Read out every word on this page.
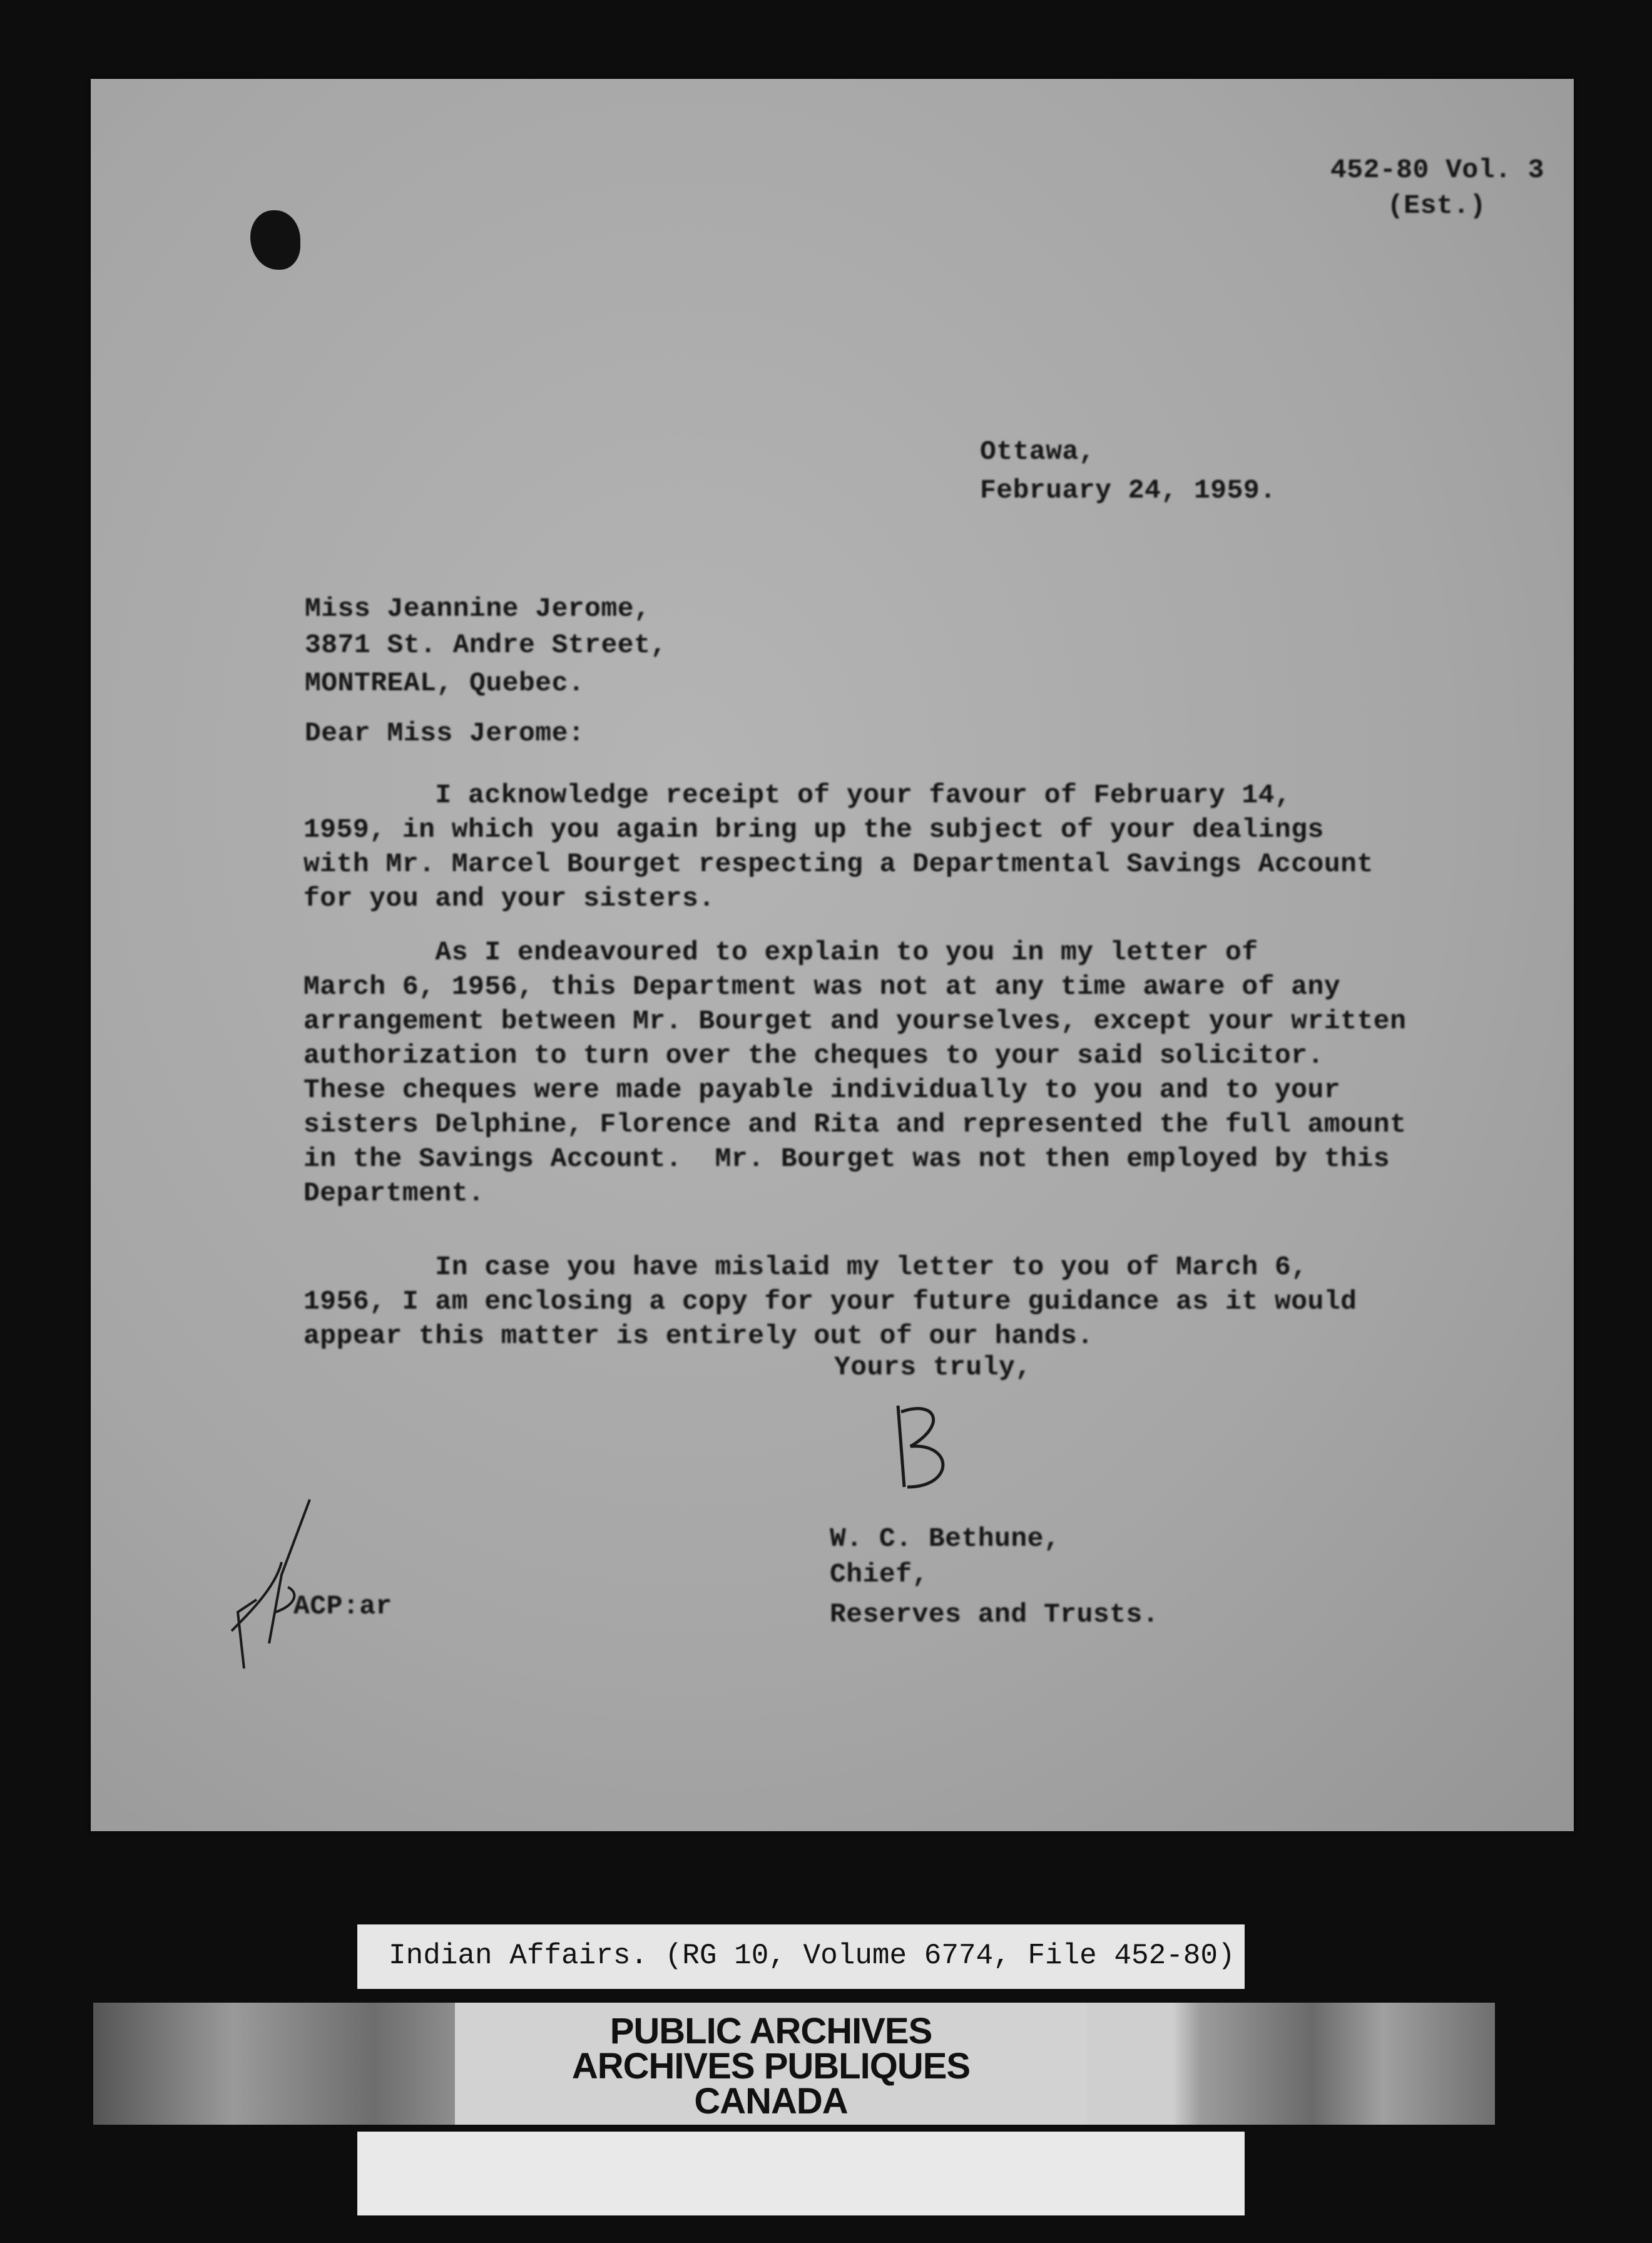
452-80 Vol. 3
(Est.)
Ottawa,
February 24, 1959.
Miss Jeannine Jerome,
3871 St. Andre Street,
MONTREAL, Quebec.
Dear Miss Jerome:
I acknowledge receipt of your favour of February 14,
1959, in which you again bring up the subject of your dealings
with Mr. Marcel Bourget respecting a Departmental Savings Account
for you and your sisters.
As I endeavoured to explain to you in my letter of
March 6, 1956, this Department was not at any time aware of any
arrangement between Mr. Bourget and yourselves, except your written
authorization to turn over the cheques to your said solicitor.
These cheques were made payable individually to you and to your
sisters Delphine, Florence and Rita and represented the full amount
in the Savings Account.  Mr. Bourget was not then employed by this
Department.
In case you have mislaid my letter to you of March 6,
1956, I am enclosing a copy for your future guidance as it would
appear this matter is entirely out of our hands.
Yours truly,
W. C. Bethune,
Chief,
Reserves and Trusts.
ACP:ar
Indian Affairs. (RG 10, Volume 6774, File 452-80)
PUBLIC ARCHIVES
ARCHIVES PUBLIQUES
CANADA
